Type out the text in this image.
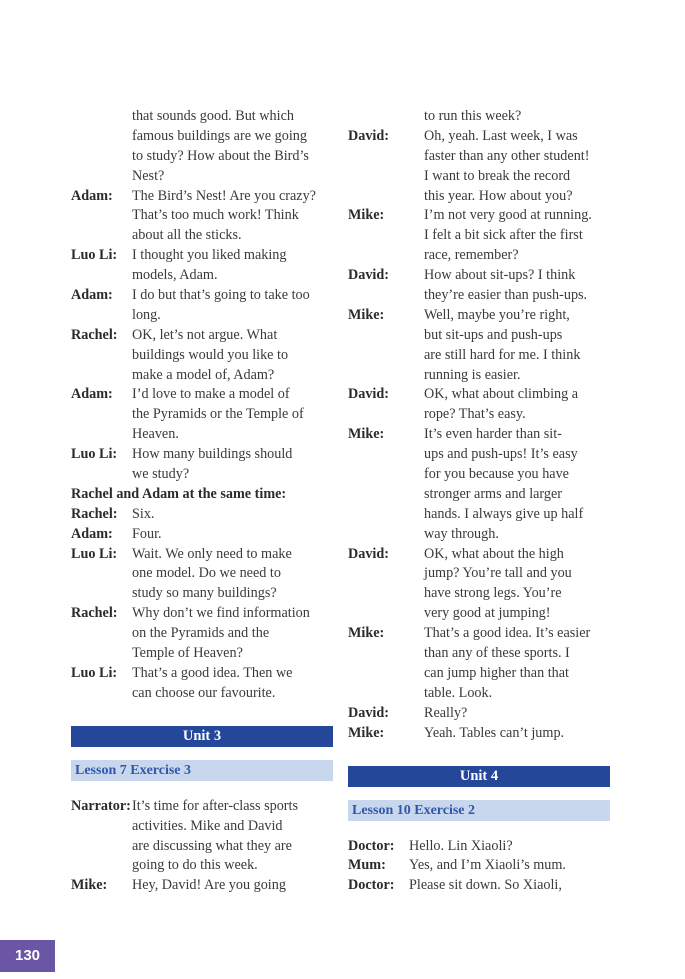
that sounds good. But which
famous buildings are we going
to study? How about the Bird’s
Nest?
Adam: The Bird’s Nest! Are you crazy?
That’s too much work! Think
about all the sticks.
Luo Li: I thought you liked making
models, Adam.
Adam: I do but that’s going to take too
long.
Rachel: OK, let’s not argue. What
buildings would you like to
make a model of, Adam?
Adam: I’d love to make a model of
the Pyramids or the Temple of
Heaven.
Luo Li: How many buildings should
we study?
Rachel and Adam at the same time:
Rachel: Six.
Adam: Four.
Luo Li: Wait. We only need to make
one model. Do we need to
study so many buildings?
Rachel: Why don’t we find information
on the Pyramids and the
Temple of Heaven?
Luo Li: That’s a good idea. Then we
can choose our favourite.
Unit 3
Lesson 7 Exercise 3
Narrator: It’s time for after-class sports
activities. Mike and David
are discussing what they are
going to do this week.
Mike: Hey, David! Are you going
to run this week?
David: Oh, yeah. Last week, I was
faster than any other student!
I want to break the record
this year. How about you?
Mike:	I’m not very good at running.
I felt a bit sick after the first
race, remember?
David: How about sit-ups? I think
they’re easier than push-ups.
Mike:	Well, maybe you’re right,
but sit-ups and push-ups
are still hard for me. I think
running is easier.
David: OK, what about climbing a
rope? That’s easy.
Mike:	It’s even harder than sit-
ups and push-ups! It’s easy
for you because you have
stronger arms and larger
hands. I always give up half
way through.
David: OK, what about the high
jump? You’re tall and you
have strong legs. You’re
very good at jumping!
Mike:	That’s a good idea. It’s easier
than any of these sports. I
can jump higher than that
table. Look.
David: Really?
Mike:	Yeah. Tables can’t jump.
Unit 4
Lesson 10 Exercise 2
Doctor: Hello. Lin Xiaoli?
Mum: Yes, and I’m Xiaoli’s mum.
Doctor: Please sit down. So Xiaoli,
130
